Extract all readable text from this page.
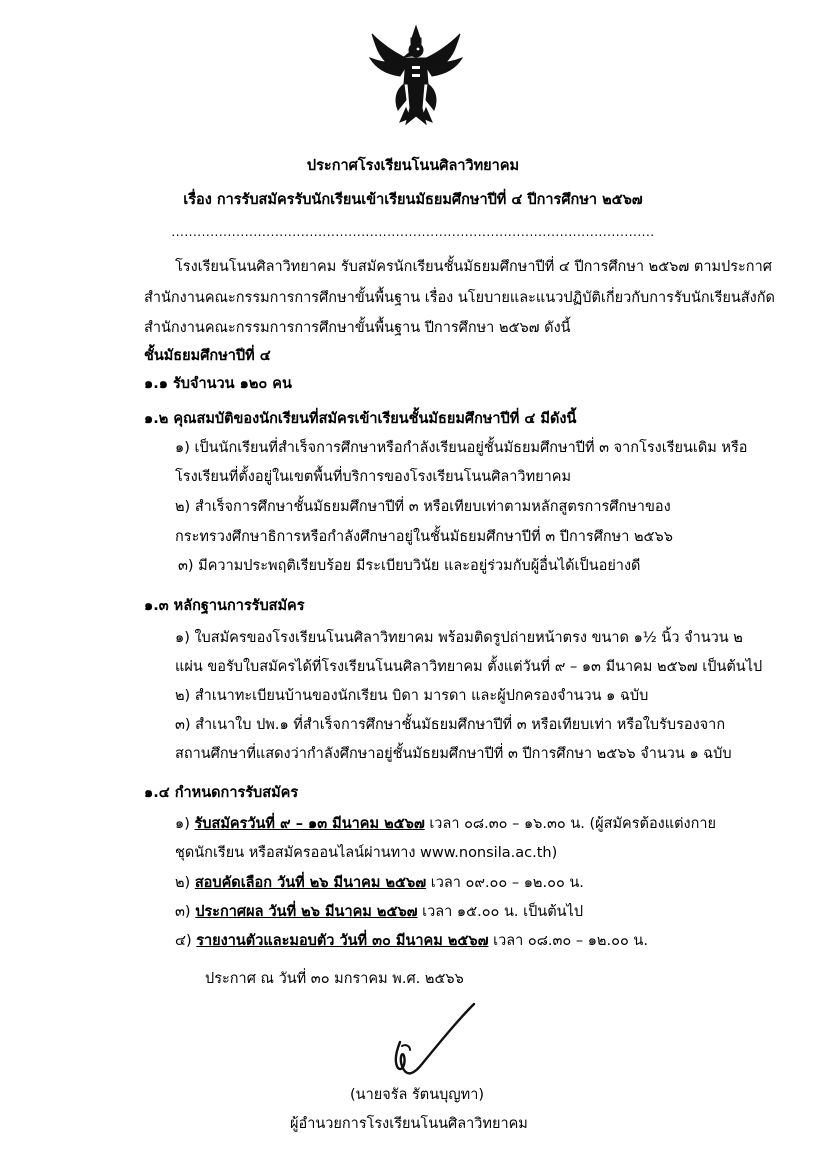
ประกาศโรงเรียนโนนศิลาวิทยาคม
เรื่อง การรับสมัครรับนักเรียนเข้าเรียนมัธยมศึกษาปีที่ ๔ ปีการศึกษา ๒๕๖๗
................................................................................................................
โรงเรียนโนนศิลาวิทยาคม รับสมัครนักเรียนชั้นมัธยมศึกษาปีที่ ๔ ปีการศึกษา ๒๕๖๗ ตามประกาศ
สำนักงานคณะกรรมการการศึกษาขั้นพื้นฐาน เรื่อง นโยบายและแนวปฏิบัติเกี่ยวกับการรับนักเรียนสังกัด
สำนักงานคณะกรรมการการศึกษาขั้นพื้นฐาน ปีการศึกษา ๒๕๖๗ ดังนี้
ชั้นมัธยมศึกษาปีที่ ๔
๑.๑ รับจำนวน ๑๒๐ คน
๑.๒ คุณสมบัติของนักเรียนที่สมัครเข้าเรียนชั้นมัธยมศึกษาปีที่ ๔ มีดังนี้
๑) เป็นนักเรียนที่สำเร็จการศึกษาหรือกำลังเรียนอยู่ชั้นมัธยมศึกษาปีที่ ๓ จากโรงเรียนเดิม หรือ
โรงเรียนที่ตั้งอยู่ในเขตพื้นที่บริการของโรงเรียนโนนศิลาวิทยาคม
๒) สำเร็จการศึกษาชั้นมัธยมศึกษาปีที่ ๓ หรือเทียบเท่าตามหลักสูตรการศึกษาของ
กระทรวงศึกษาธิการหรือกำลังศึกษาอยู่ในชั้นมัธยมศึกษาปีที่ ๓ ปีการศึกษา ๒๕๖๖
๓) มีความประพฤติเรียบร้อย มีระเบียบวินัย และอยู่ร่วมกับผู้อื่นได้เป็นอย่างดี
๑.๓ หลักฐานการรับสมัคร
๑) ใบสมัครของโรงเรียนโนนศิลาวิทยาคม พร้อมติดรูปถ่ายหน้าตรง ขนาด ๑½ นิ้ว จำนวน ๒
แผ่น ขอรับใบสมัครได้ที่โรงเรียนโนนศิลาวิทยาคม ตั้งแต่วันที่ ๙ – ๑๓ มีนาคม ๒๕๖๗ เป็นต้นไป
๒) สำเนาทะเบียนบ้านของนักเรียน บิดา มารดา และผู้ปกครองจำนวน ๑ ฉบับ
๓) สำเนาใบ ปพ.๑ ที่สำเร็จการศึกษาชั้นมัธยมศึกษาปีที่ ๓ หรือเทียบเท่า หรือใบรับรองจาก
สถานศึกษาที่แสดงว่ากำลังศึกษาอยู่ชั้นมัธยมศึกษาปีที่ ๓ ปีการศึกษา ๒๕๖๖ จำนวน ๑ ฉบับ
๑.๔ กำหนดการรับสมัคร
๑) รับสมัครวันที่ ๙ – ๑๓ มีนาคม ๒๕๖๗ เวลา ๐๘.๓๐ – ๑๖.๓๐ น. (ผู้สมัครต้องแต่งกาย
ชุดนักเรียน หรือสมัครออนไลน์ผ่านทาง www.nonsila.ac.th)
๒) สอบคัดเลือก วันที่ ๒๖ มีนาคม ๒๕๖๗ เวลา ๐๙.๐๐ – ๑๒.๐๐ น.
๓) ประกาศผล วันที่ ๒๖ มีนาคม ๒๕๖๗ เวลา ๑๕.๐๐ น. เป็นต้นไป
๔) รายงานตัวและมอบตัว วันที่ ๓๐ มีนาคม ๒๕๖๗ เวลา ๐๘.๓๐ – ๑๒.๐๐ น.
ประกาศ ณ วันที่ ๓๐ มกราคม พ.ศ. ๒๕๖๖
(นายจรัล รัตนบุญทา)
ผู้อำนวยการโรงเรียนโนนศิลาวิทยาคม
